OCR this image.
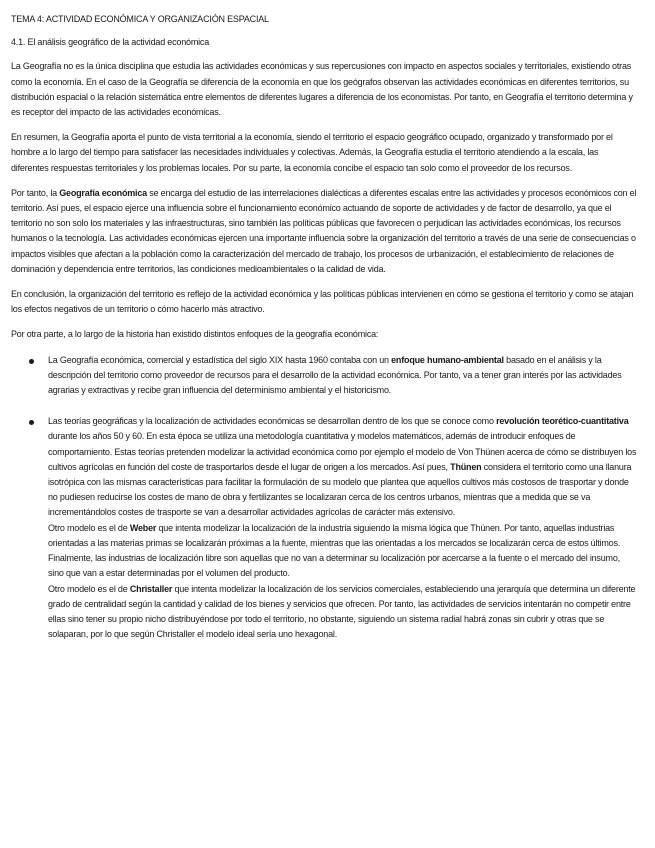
TEMA 4: ACTIVIDAD ECONÓMICA Y ORGANIZACIÓN ESPACIAL

4.1. El análisis geográfico de la actividad económica

La Geografía no es la única disciplina que estudia las actividades económicas y sus repercusiones con impacto en aspectos sociales y territoriales, existiendo otras como la economía. En el caso de la Geografía se diferencia de la economía en que los geógrafos observan las actividades económicas en diferentes territorios, su distribución espacial o la relación sistemática entre elementos de diferentes lugares a diferencia de los economistas. Por tanto, en Geografía el territorio determina y es receptor del impacto de las actividades económicas.

En resumen, la Geografía aporta el punto de vista territorial a la economía, siendo el territorio el espacio geográfico ocupado, organizado y transformado por el hombre a lo largo del tiempo para satisfacer las necesidades individuales y colectivas. Además, la Geografía estudia el territorio atendiendo a la escala, las diferentes respuestas territoriales y los problemas locales. Por su parte, la economía concibe el espacio tan solo como el proveedor de los recursos.

Por tanto, la Geografía económica se encarga del estudio de las interrelaciones dialécticas a diferentes escalas entre las actividades y procesos económicos con el territorio. Así pues, el espacio ejerce una influencia sobre el funcionamiento económico actuando de soporte de actividades y de factor de desarrollo, ya que el territorio no son solo los materiales y las infraestructuras, sino también las políticas públicas que favorecen o perjudican las actividades económicas, los recursos humanos o la tecnología. Las actividades económicas ejercen una importante influencia sobre la organización del territorio a través de una serie de consecuencias o impactos visibles que afectan a la población como la caracterización del mercado de trabajo, los procesos de urbanización, el establecimiento de relaciones de dominación y dependencia entre territorios, las condiciones medioambientales o la calidad de vida.

En conclusión, la organización del territorio es reflejo de la actividad económica y las políticas públicas intervienen en cómo se gestiona el territorio y como se atajan los efectos negativos de un territorio o cómo hacerlo más atractivo.

Por otra parte, a lo largo de la historia han existido distintos enfoques de la geografía económica:

La Geografía económica, comercial y estadística del siglo XIX hasta 1960 contaba con un enfoque humano-ambiental basado en el análisis y la descripción del territorio como proveedor de recursos para el desarrollo de la actividad económica. Por tanto, va a tener gran interés por las actividades agrarias y extractivas y recibe gran influencia del determinismo ambiental y el historicismo.

Las teorías geográficas y la localización de actividades económicas se desarrollan dentro de los que se conoce como revolución teorético-cuantitativa durante los años 50 y 60. En esta época se utiliza una metodología cuantitativa y modelos matemáticos, además de introducir enfoques de comportamiento. Estas teorías pretenden modelizar la actividad económica como por ejemplo el modelo de Von Thünen acerca de cómo se distribuyen los cultivos agrícolas en función del coste de trasportarlos desde el lugar de origen a los mercados. Así pues, Thünen considera el territorio como una llanura isotrópica con las mismas características para facilitar la formulación de su modelo que plantea que aquellos cultivos más costosos de trasportar y donde no pudiesen reducirse los costes de mano de obra y fertilizantes se localizaran cerca de los centros urbanos, mientras que a medida que se va incrementándolos costes de trasporte se van a desarrollar actividades agrícolas de carácter más extensivo.

Otro modelo es el de Weber que intenta modelizar la localización de la industria siguiendo la misma lógica que Thünen. Por tanto, aquellas industrias orientadas a las materias primas se localizarán próximas a la fuente, mientras que las orientadas a los mercados se localizarán cerca de estos últimos. Finalmente, las industrias de localización libre son aquellas que no van a determinar su localización por acercarse a la fuente o el mercado del insumo, sino que van a estar determinadas por el volumen del producto.

Otro modelo es el de Christaller que intenta modelizar la localización de los servicios comerciales, estableciendo una jerarquía que determina un diferente grado de centralidad según la cantidad y calidad de los bienes y servicios que ofrecen. Por tanto, las actividades de servicios intentarán no competir entre ellas sino tener su propio nicho distribuyéndose por todo el territorio, no obstante, siguiendo un sistema radial habrá zonas sin cubrir y otras que se solaparan, por lo que según Christaller el modelo ideal sería uno hexagonal.
